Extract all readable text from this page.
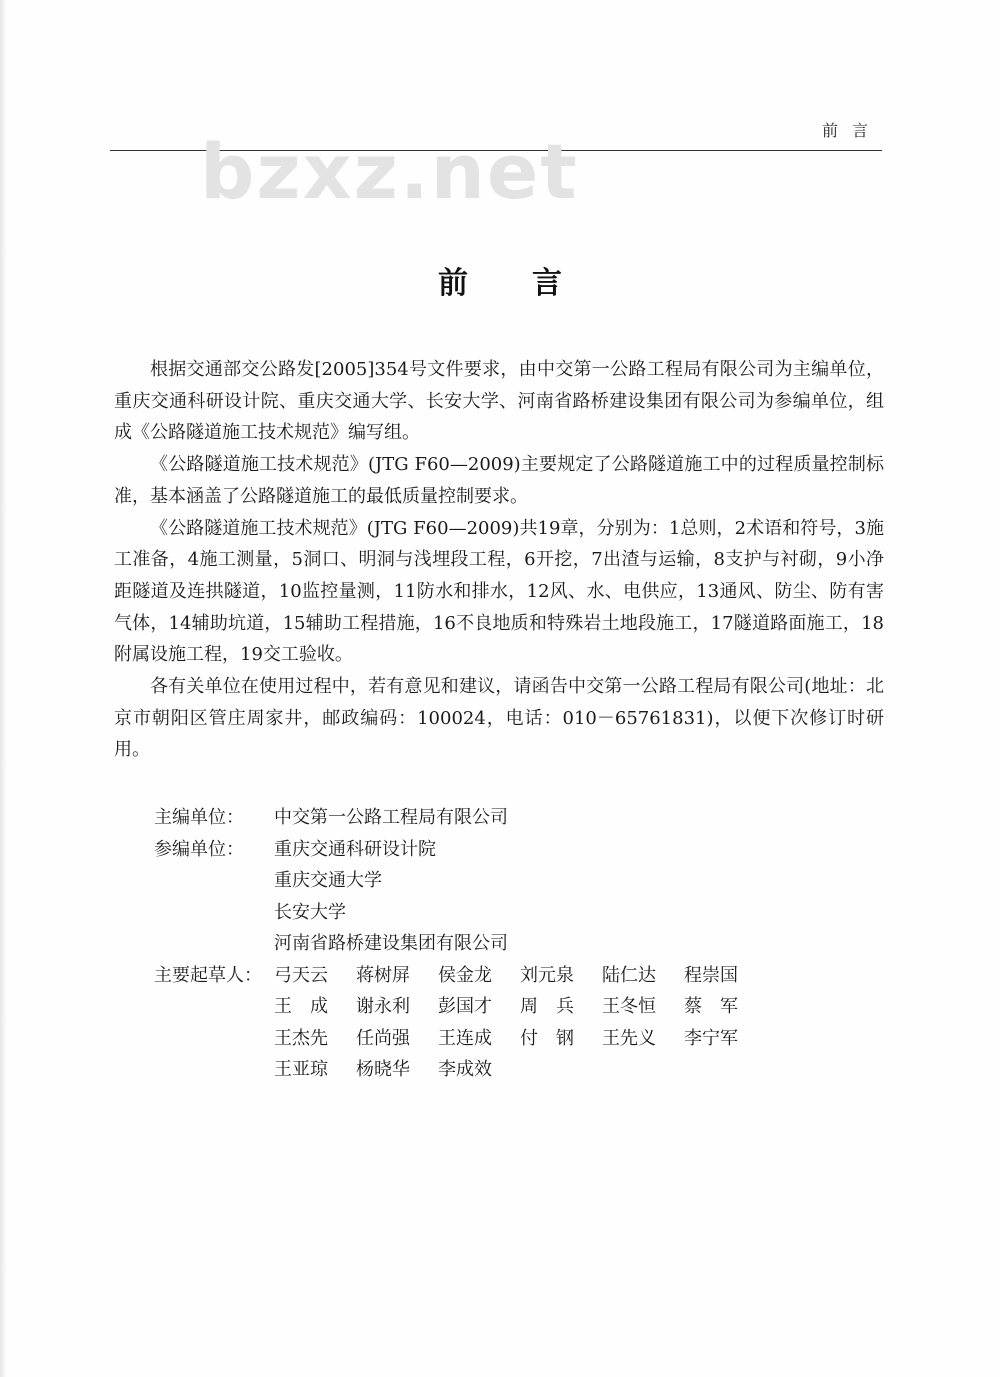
前言
bzxz.net
前言

根据交通部交公路发[2005]354号文件要求，由中交第一公路工程局有限公司为主编单位，重庆交通科研设计院、重庆交通大学、长安大学、河南省路桥建设集团有限公司为参编单位，组成《公路隧道施工技术规范》编写组。

《公路隧道施工技术规范》(JTG F60—2009)主要规定了公路隧道施工中的过程质量控制标准，基本涵盖了公路隧道施工的最低质量控制要求。

《公路隧道施工技术规范》(JTG F60—2009)共19章，分别为：1总则，2术语和符号，3施工准备，4施工测量，5洞口、明洞与浅埋段工程，6开挖，7出渣与运输，8支护与衬砌，9小净距隧道及连拱隧道，10监控量测，11防水和排水，12风、水、电供应，13通风、防尘、防有害气体，14辅助坑道，15辅助工程措施，16不良地质和特殊岩土地段施工，17隧道路面施工，18附属设施工程，19交工验收。

各有关单位在使用过程中，若有意见和建议，请函告中交第一公路工程局有限公司(地址：北京市朝阳区管庄周家井，邮政编码：100024，电话：010－65761831)，以便下次修订时研用。

主编单位：	中交第一公路工程局有限公司
参编单位：	重庆交通科研设计院
重庆交通大学
长安大学
河南省路桥建设集团有限公司
主要起草人： 弓天云	蒋树屏	侯金龙	刘元泉	陆仁达	程崇国
王　成	谢永利	彭国才	周　兵	王冬恒	蔡　军
王杰先	任尚强	王连成	付　钢	王先义	李宁军
王亚琼	杨晓华	李成效
